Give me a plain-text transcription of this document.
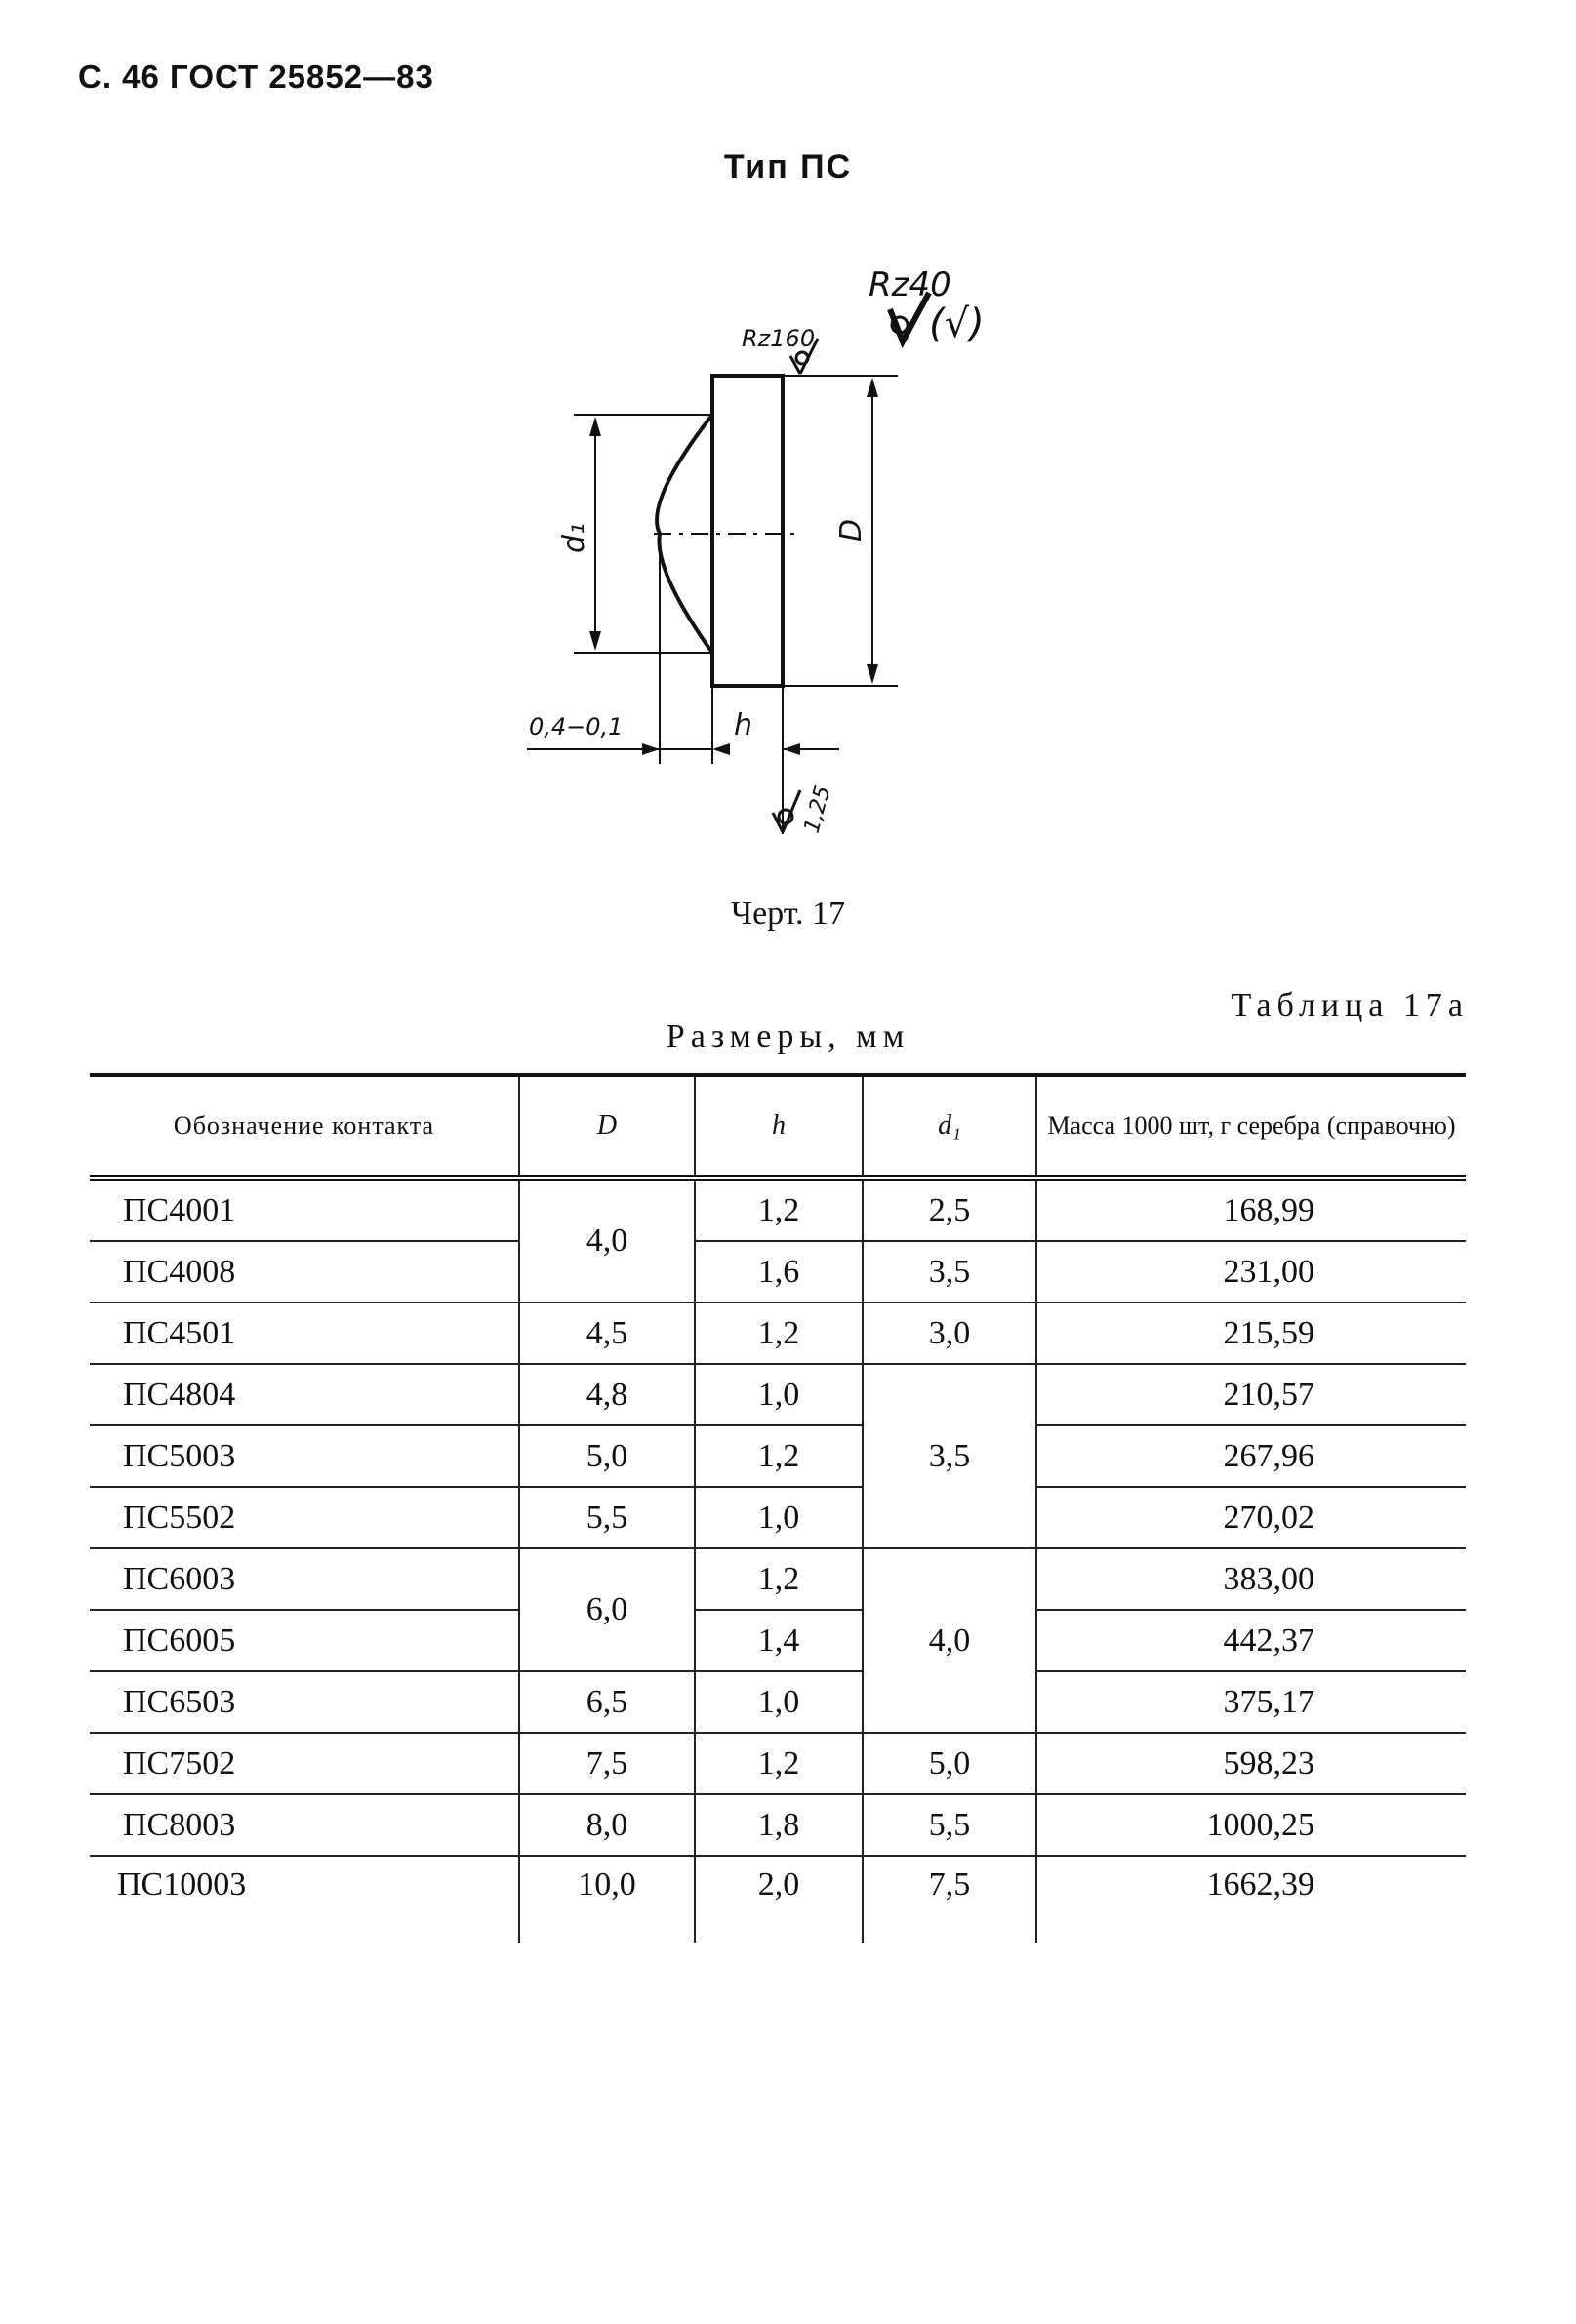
С. 46 ГОСТ 25852—83
Тип ПС
D
d₁
0,4−0,1	h
1,25
Rz160
Rz40
(√)
Черт. 17
Таблица 17а
Размеры, мм
Обозначение контакта	D	h	d₁	Масса 1000 шт, г серебра (справочно)
ПС4001	4,0	1,2	2,5	168,99
ПС4008		1,6	3,5	231,00
ПС4501	4,5	1,2	3,0	215,59
ПС4804	4,8	1,0	3,5	210,57
ПС5003	5,0	1,2		267,96
ПС5502	5,5	1,0		270,02
ПС6003	6,0	1,2	4,0	383,00
ПС6005		1,4		442,37
ПС6503	6,5	1,0		375,17
ПС7502	7,5	1,2	5,0	598,23
ПС8003	8,0	1,8	5,5	1000,25
ПС10003	10,0	2,0	7,5	1662,39
